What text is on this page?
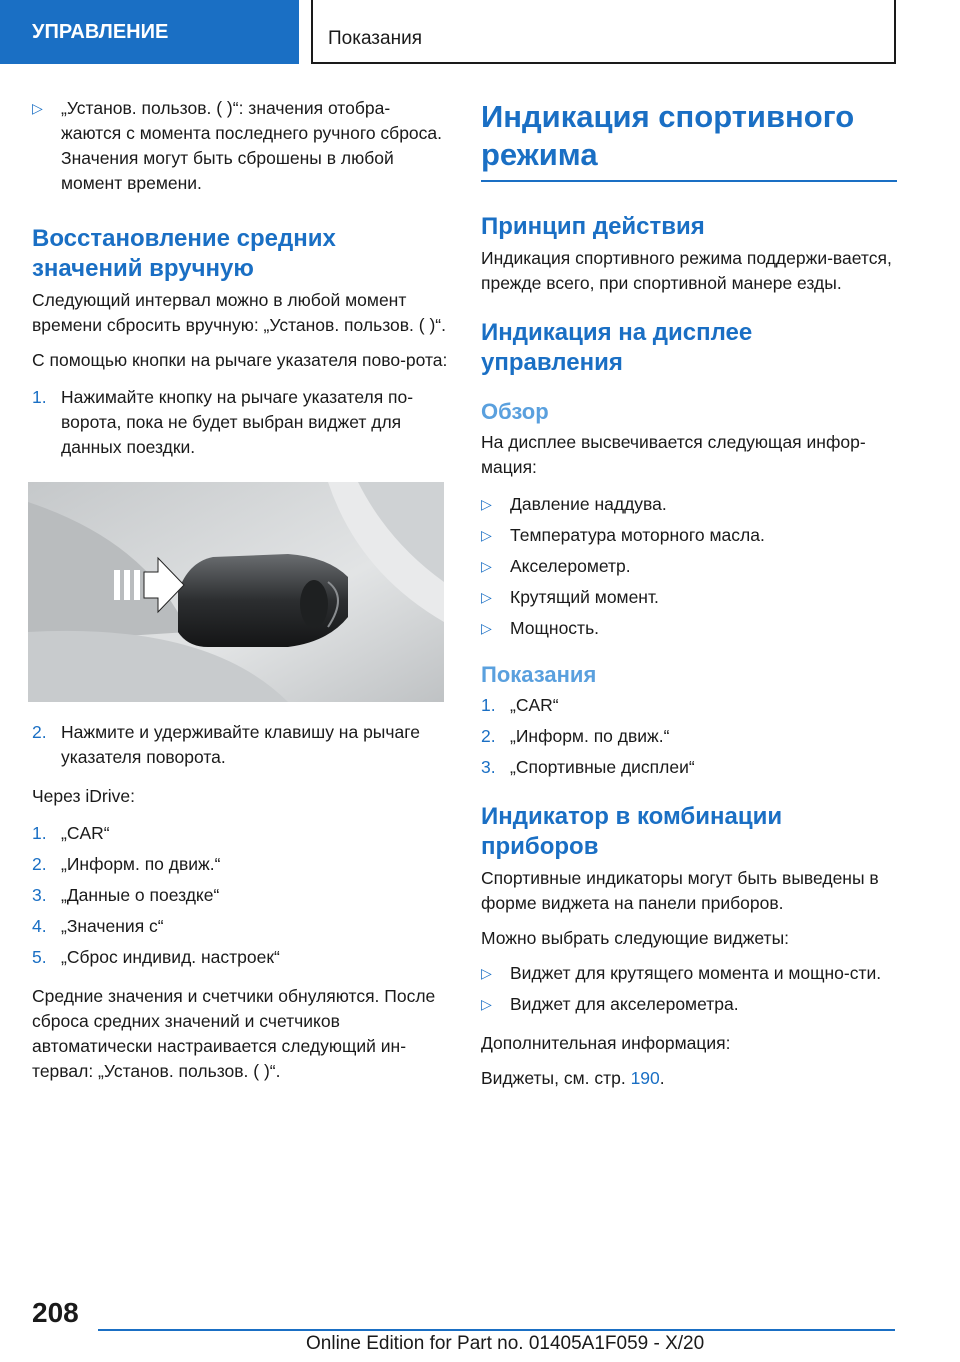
УПРАВЛЕНИЕ	Показания
▷	„Установ. пользов. ( )“: значения отобра-жаются с момента последнего ручного сброса. Значения могут быть сброшены в любой момент времени.
Восстановление средних значений вручную

Следующий интервал можно в любой момент времени сбросить вручную: „Установ. пользов. ( )“.

С помощью кнопки на рычаге указателя пово-рота:

1. Нажимайте кнопку на рычаге указателя по-ворота, пока не будет выбран виджет для данных поездки.
2. Нажмите и удерживайте клавишу на рычаге указателя поворота.

Через iDrive:

1. „CAR“
2. „Информ. по движ.“
3. „Данные о поездке“
4. „Значения с“
5. „Сброс индивид. настроек“

Средние значения и счетчики обнуляются. После сброса средних значений и счетчиков автоматически настраивается следующий ин-тервал: „Установ. пользов. ( )“.

Индикация спортивного режима
Принцип действия

Индикация спортивного режима поддержи-вается, прежде всего, при спортивной манере езды.

Индикация на дисплее управления
Обзор

На дисплее высвечивается следующая инфор-мация:

▷	Давление наддува.
▷	Температура моторного масла.
▷	Акселерометр.
▷	Крутящий момент.
▷	Мощность.
Показания
1. „CAR“
2. „Информ. по движ.“
3. „Спортивные дисплеи“
Индикатор в комбинации приборов

Спортивные индикаторы могут быть выведены в форме виджета на панели приборов.

Можно выбрать следующие виджеты:

▷	Виджет для крутящего момента и мощно-сти.
▷	Виджет для акселерометра.

Дополнительная информация:

Виджеты, см. стр. 190.

208
Online Edition for Part no. 01405A1F059 - X/20
